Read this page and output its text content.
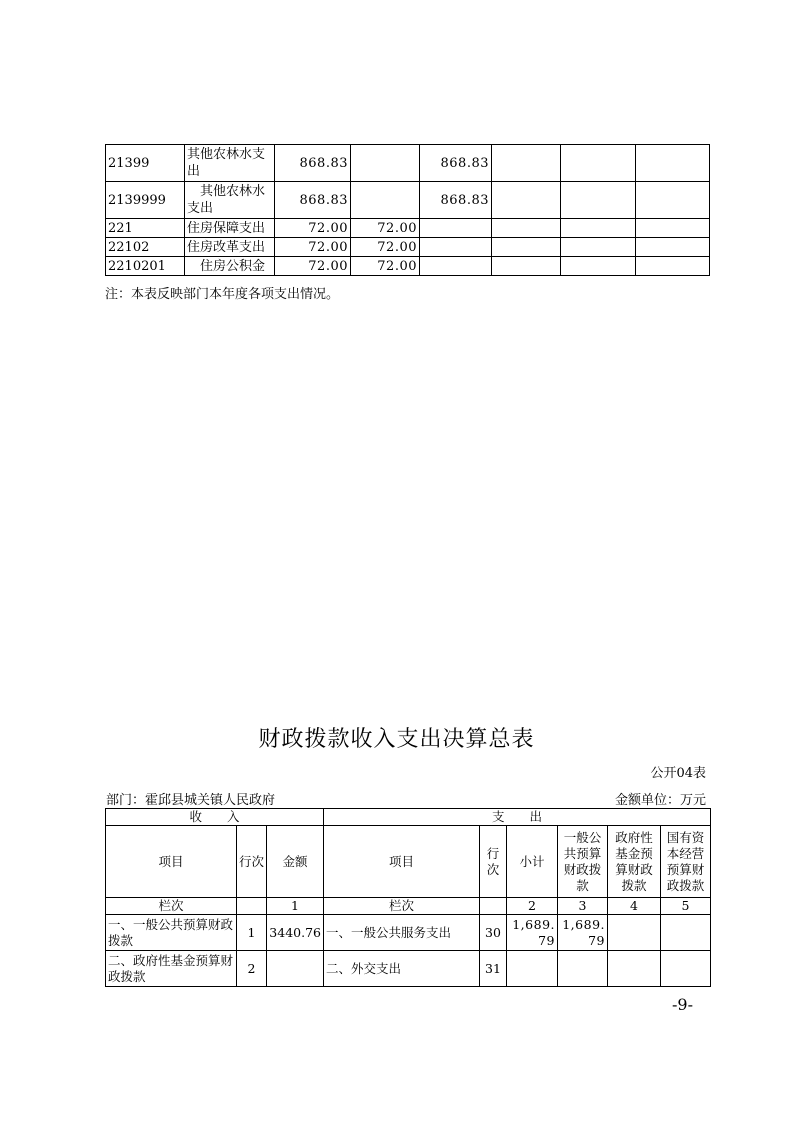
21399	其他农林水支出	868.83		868.83			
2139999	其他农林水支出	868.83		868.83			
221	住房保障支出	72.00	72.00				
22102	住房改革支出	72.00	72.00				
2210201	住房公积金	72.00	72.00				
注：本表反映部门本年度各项支出情况。
财政拨款收入支出决算总表
公开04表
部门：霍邱县城关镇人民政府	金额单位：万元
收　　入			支　　出					
项目	行次	金额	项目	行次	小计	一般公共预算财政拨款	政府性基金预算财政拨款	国有资本经营预算财政拨款
栏次		1	栏次		2	3	4	5
一、一般公共预算财政拨款	1	3440.76	一、一般公共服务支出	30	1,689.79	1,689.79		
二、政府性基金预算财政拨款	2		二、外交支出	31				
-9-
